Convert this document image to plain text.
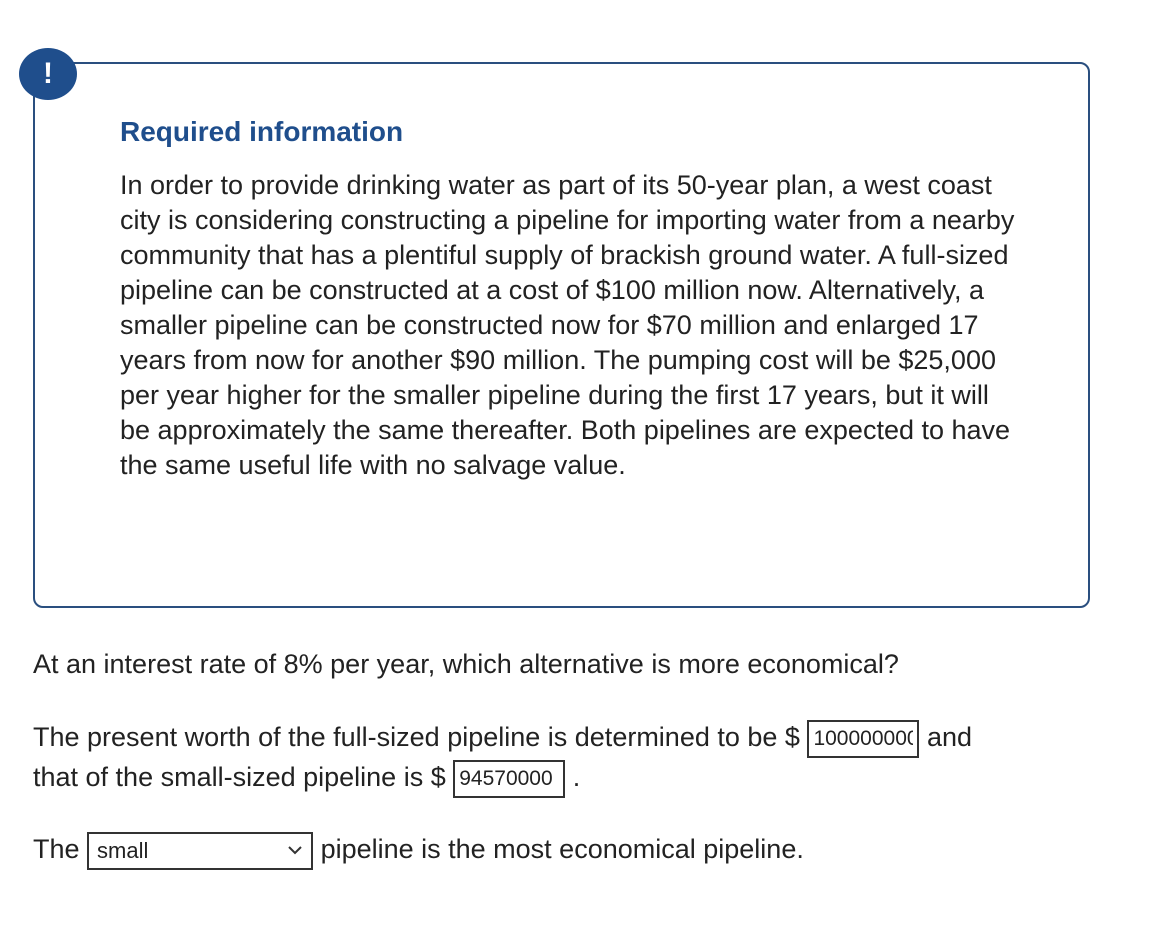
!
Required information

In order to provide drinking water as part of its 50-year plan, a west coast city is considering constructing a pipeline for importing water from a nearby community that has a plentiful supply of brackish ground water. A full-sized pipeline can be constructed at a cost of $100 million now. Alternatively, a smaller pipeline can be constructed now for $70 million and enlarged 17 years from now for another $90 million. The pumping cost will be $25,000 per year higher for the smaller pipeline during the first 17 years, but it will be approximately the same thereafter. Both pipelines are expected to have the same useful life with no salvage value.

At an interest rate of 8% per year, which alternative is more economical?

The present worth of the full-sized pipeline is determined to be $ 100000000	and
that of the small-sized pipeline is $ 94570000	.

The small	pipeline is the most economical pipeline.
